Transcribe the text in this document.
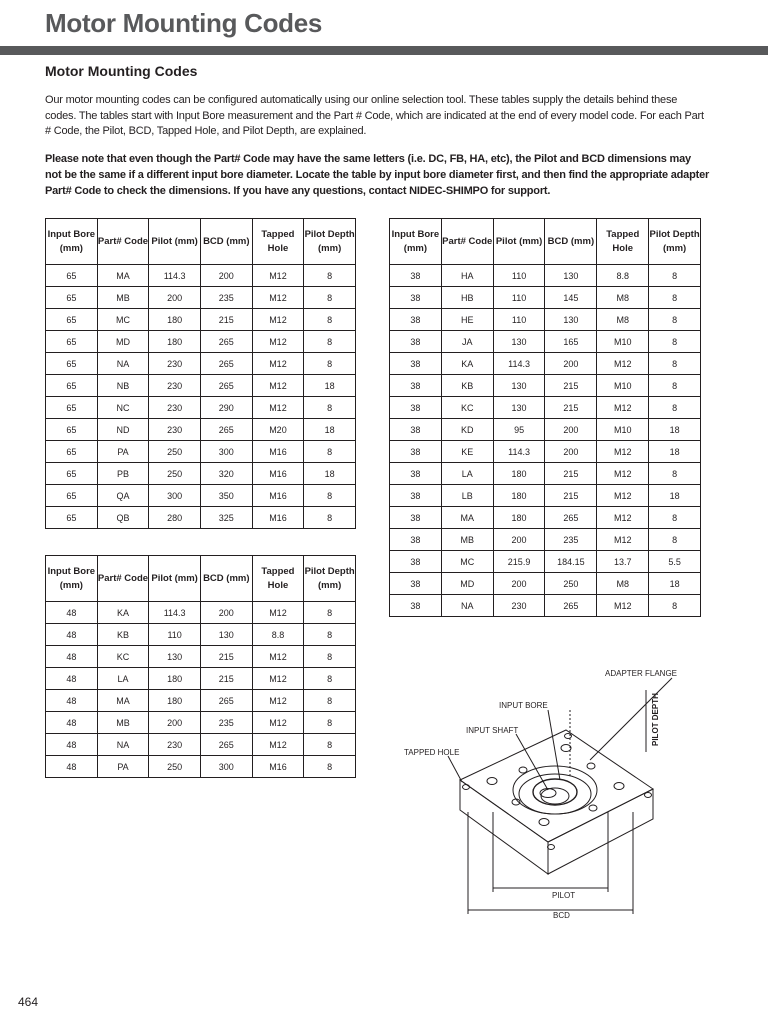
Motor Mounting Codes
Motor Mounting Codes

Our motor mounting codes can be configured automatically using our online selection tool. These tables supply the details behind these codes. The tables start with Input Bore measurement and the Part # Code, which are indicated at the end of every model code. For each Part # Code, the Pilot, BCD, Tapped Hole, and Pilot Depth, are explained.

Please note that even though the Part# Code may have the same letters (i.e. DC, FB, HA, etc), the Pilot and BCD dimensions may not be the same if a different input bore diameter. Locate the table by input bore diameter first, and then find the appropriate adapter Part# Code to check the dimensions. If you have any questions, contact NIDEC-SHIMPO for support.

Input Bore (mm)	Part# Code	Pilot (mm)	BCD (mm)	Tapped Hole	Pilot Depth (mm)
65	MA	114.3	200	M12	8
65	MB	200	235	M12	8
65	MC	180	215	M12	8
65	MD	180	265	M12	8
65	NA	230	265	M12	8
65	NB	230	265	M12	18
65	NC	230	290	M12	8
65	ND	230	265	M20	18
65	PA	250	300	M16	8
65	PB	250	320	M16	18
65	QA	300	350	M16	8
65	QB	280	325	M16	8
Input Bore (mm)	Part# Code	Pilot (mm)	BCD (mm)	Tapped Hole	Pilot Depth (mm)
48	KA	114.3	200	M12	8
48	KB	110	130	8.8	8
48	KC	130	215	M12	8
48	LA	180	215	M12	8
48	MA	180	265	M12	8
48	MB	200	235	M12	8
48	NA	230	265	M12	8
48	PA	250	300	M16	8
Input Bore (mm)	Part# Code	Pilot (mm)	BCD (mm)	Tapped Hole	Pilot Depth (mm)
38	HA	110	130	8.8	8
38	HB	110	145	M8	8
38	HE	110	130	M8	8
38	JA	130	165	M10	8
38	KA	114.3	200	M12	8
38	KB	130	215	M10	8
38	KC	130	215	M12	8
38	KD	95	200	M10	18
38	KE	114.3	200	M12	18
38	LA	180	215	M12	8
38	LB	180	215	M12	18
38	MA	180	265	M12	8
38	MB	200	235	M12	8
38	MC	215.9	184.15	13.7	5.5
38	MD	200	250	M8	18
38	NA	230	265	M12	8
ADAPTER FLANGE
PILOT DEPTH
INPUT BORE
INPUT SHAFT
TAPPED HOLE
PILOT
BCD
464
